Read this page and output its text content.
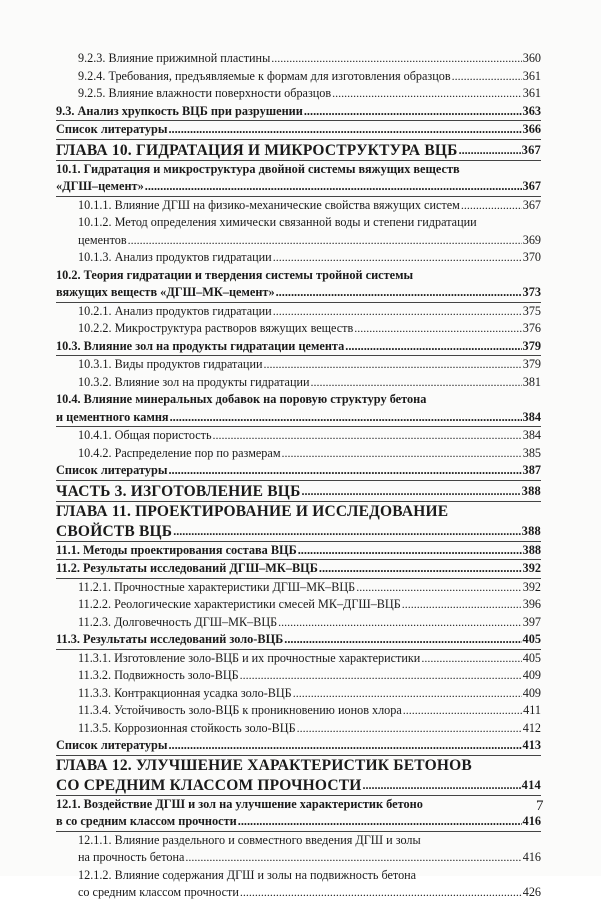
9.2.3. Влияние прижимной пластины .....	360
9.2.4. Требования, предъявляемые к формам для изготовления образцов .....	361
9.2.5. Влияние влажности поверхности образцов .....	361
9.3. Анализ хрупкость ВЦБ при разрушении .....	363
Список литературы .....	366
ГЛАВА 10. ГИДРАТАЦИЯ И МИКРОСТРУКТУРА ВЦБ .....	367
10.1. Гидратация и микроструктура двойной системы вяжущих веществ
«ДГШ–цемент» .....	367
10.1.1. Влияние ДГШ на физико-механические свойства вяжущих систем .....	367
10.1.2. Метод определения химически связанной воды и степени гидратации
цементов .....	369
10.1.3. Анализ продуктов гидратации .....	370
10.2. Теория гидратации и твердения системы тройной системы
вяжущих веществ «ДГШ–МК–цемент» .....	373
10.2.1. Анализ продуктов гидратации .....	375
10.2.2. Микроструктура растворов вяжущих веществ .....	376
10.3. Влияние зол на продукты гидратации цемента .....	379
10.3.1. Виды продуктов гидратации .....	379
10.3.2. Влияние зол на продукты гидратации .....	381
10.4. Влияние минеральных добавок на поровую структуру бетона
и цементного камня .....	384
10.4.1. Общая пористость .....	384
10.4.2. Распределение пор по размерам .....	385
Список литературы .....	387
ЧАСТЬ 3. ИЗГОТОВЛЕНИЕ ВЦБ .....	388
ГЛАВА 11. ПРОЕКТИРОВАНИЕ И ИССЛЕДОВАНИЕ
СВОЙСТВ ВЦБ .....	388
11.1. Методы проектирования состава ВЦБ .....	388
11.2. Результаты исследований ДГШ–МК–ВЦБ .....	392
11.2.1. Прочностные характеристики ДГШ–МК–ВЦБ .....	392
11.2.2. Реологические характеристики смесей МК–ДГШ–ВЦБ .....	396
11.2.3. Долговечность ДГШ–МК–ВЦБ .....	397
11.3. Результаты исследований золо-ВЦБ .....	405
11.3.1. Изготовление золо-ВЦБ и их прочностные характеристики .....	405
11.3.2. Подвижность золо-ВЦБ .....	409
11.3.3. Контракционная усадка золо-ВЦБ .....	409
11.3.4. Устойчивость золо-ВЦБ к проникновению ионов хлора .....	411
11.3.5. Коррозионная стойкость золо-ВЦБ .....	412
Список литературы .....	413
ГЛАВА 12. УЛУЧШЕНИЕ ХАРАКТЕРИСТИК БЕТОНОВ
СО СРЕДНИМ КЛАССОМ ПРОЧНОСТИ .....	414
12.1. Воздействие ДГШ и зол на улучшение характеристик бетоно
в со средним классом прочности .....	416
12.1.1. Влияние раздельного и совместного введения ДГШ и золы
на прочность бетона .....	416
12.1.2. Влияние содержания ДГШ и золы на подвижность бетона
со средним классом прочности .....	426
7
